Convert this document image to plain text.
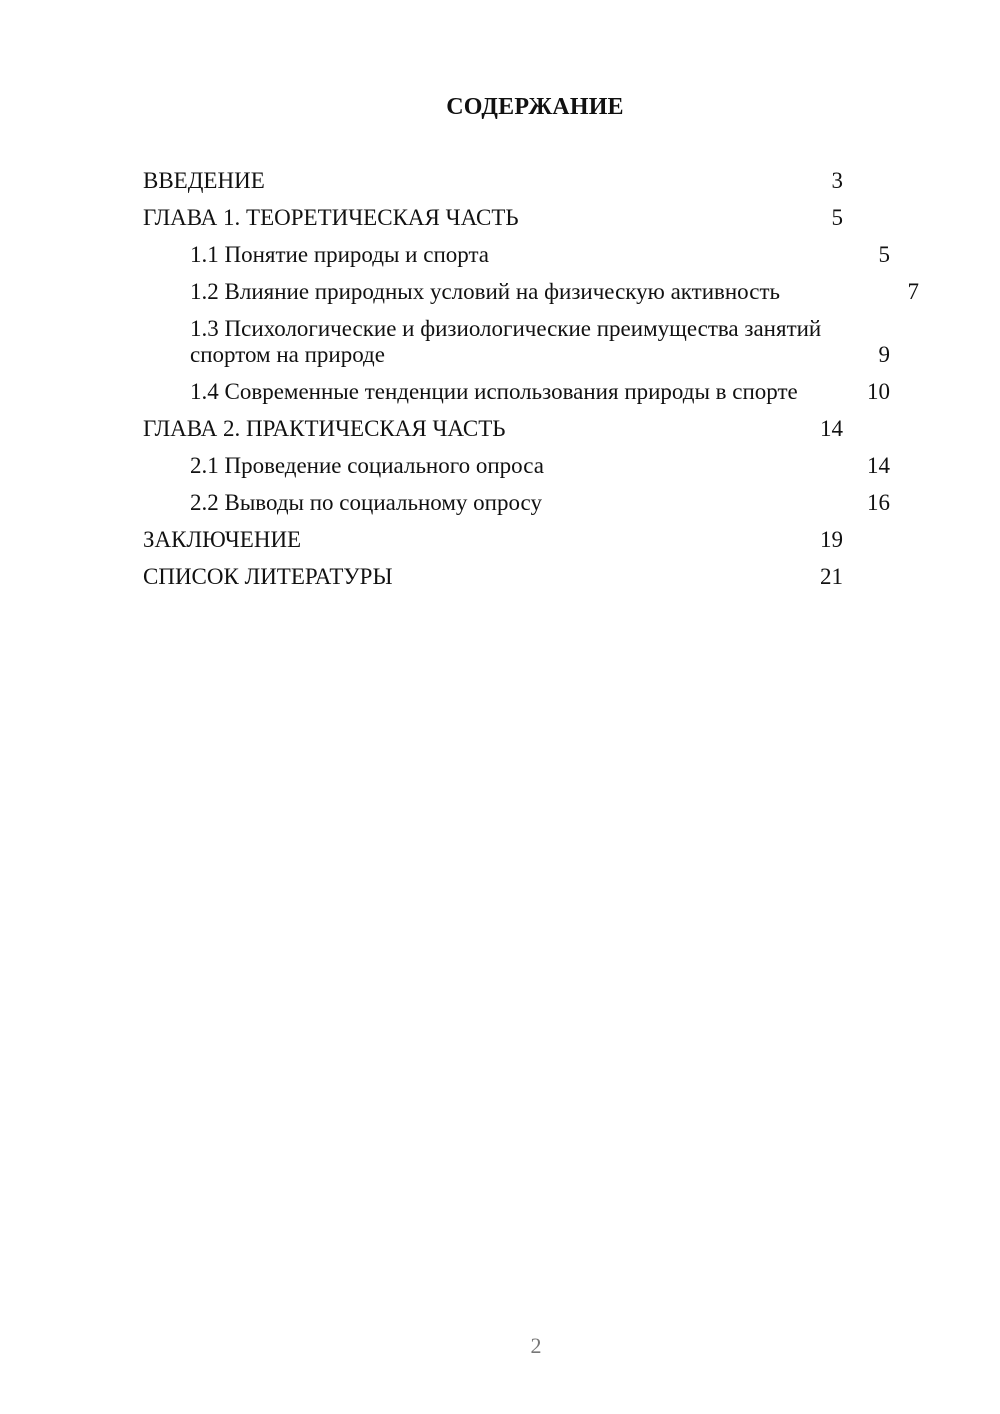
СОДЕРЖАНИЕ
ВВЕДЕНИЕ	3
ГЛАВА 1. ТЕОРЕТИЧЕСКАЯ ЧАСТЬ	5
1.1 Понятие природы и спорта	5
1.2 Влияние природных условий на физическую активность	7
1.3 Психологические и физиологические преимущества занятий спортом на природе	9
1.4 Современные тенденции использования природы в спорте	10
ГЛАВА 2. ПРАКТИЧЕСКАЯ ЧАСТЬ	14
2.1 Проведение социального опроса	14
2.2 Выводы по социальному опросу	16
ЗАКЛЮЧЕНИЕ	19
СПИСОК ЛИТЕРАТУРЫ	21
2
